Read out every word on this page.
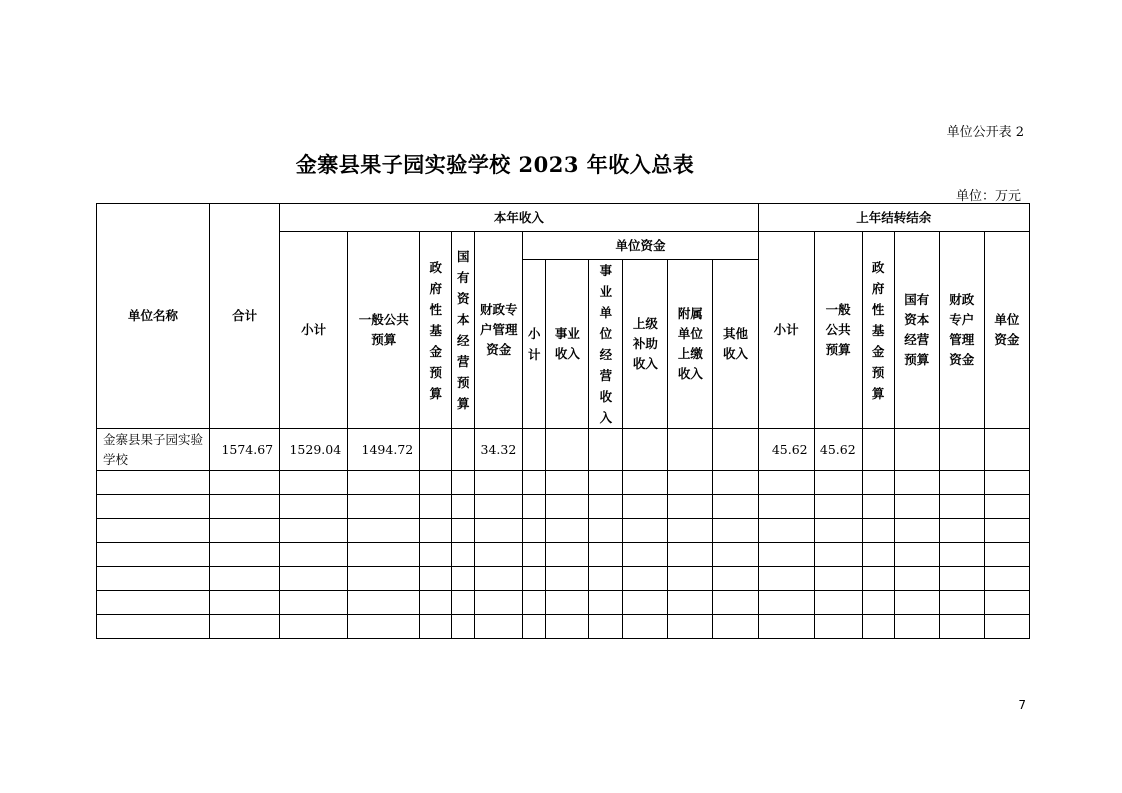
单位公开表 2
金寨县果子园实验学校 2023 年收入总表
单位：万元
单位名称	合计	本年收入											上年结转结余					
		小计	一般公共预算	政府性基金预算	国有资本经营预算	财政专户管理资金	单位资金						小计	一般公共预算	政府性基金预算	国有资本经营预算	财政专户管理资金	单位资金

							小计	事业收入	事业单位经营收入	上级补助收入	附属单位上缴收入	其他收入						

金寨县果子园实验学校	1574.67	1529.04	1494.72			34.32							45.62	45.62				

7
